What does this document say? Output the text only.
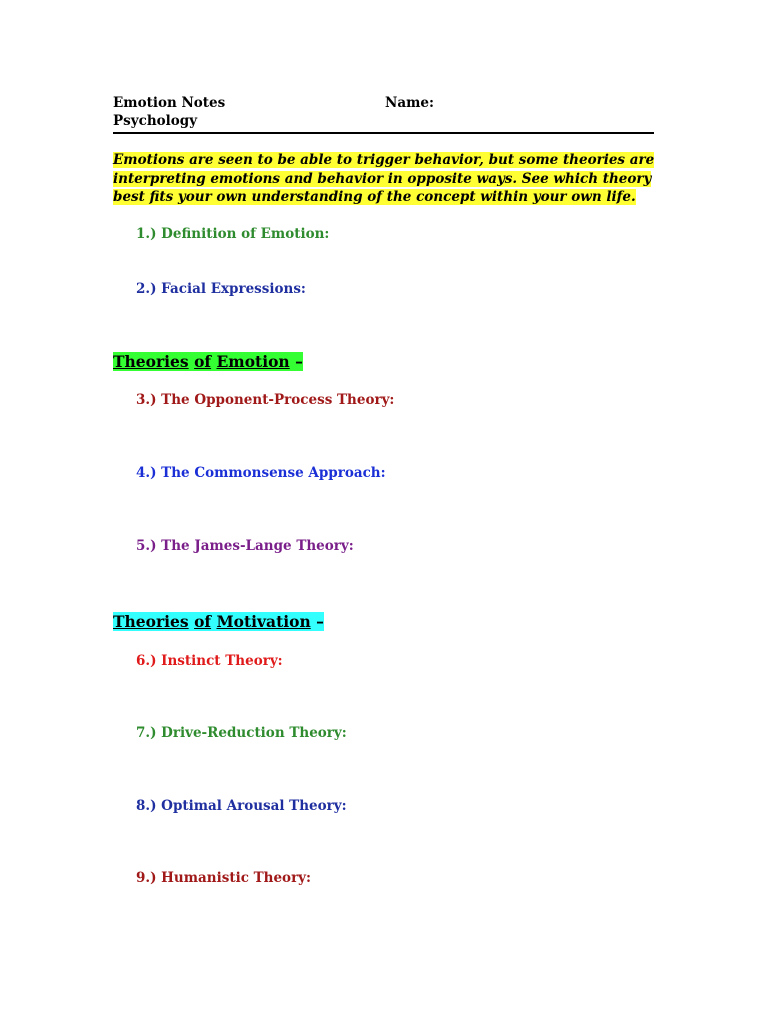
Emotion Notes
Psychology
Name:
Emotions are seen to be able to trigger behavior, but some theories are interpreting emotions and behavior in opposite ways. See which theory best fits your own understanding of the concept within your own life.
1.) Definition of Emotion:
2.) Facial Expressions:
Theories of Emotion –
3.) The Opponent-Process Theory:
4.) The Commonsense Approach:
5.) The James-Lange Theory:
Theories of Motivation –
6.) Instinct Theory:
7.) Drive-Reduction Theory:
8.) Optimal Arousal Theory:
9.) Humanistic Theory:
